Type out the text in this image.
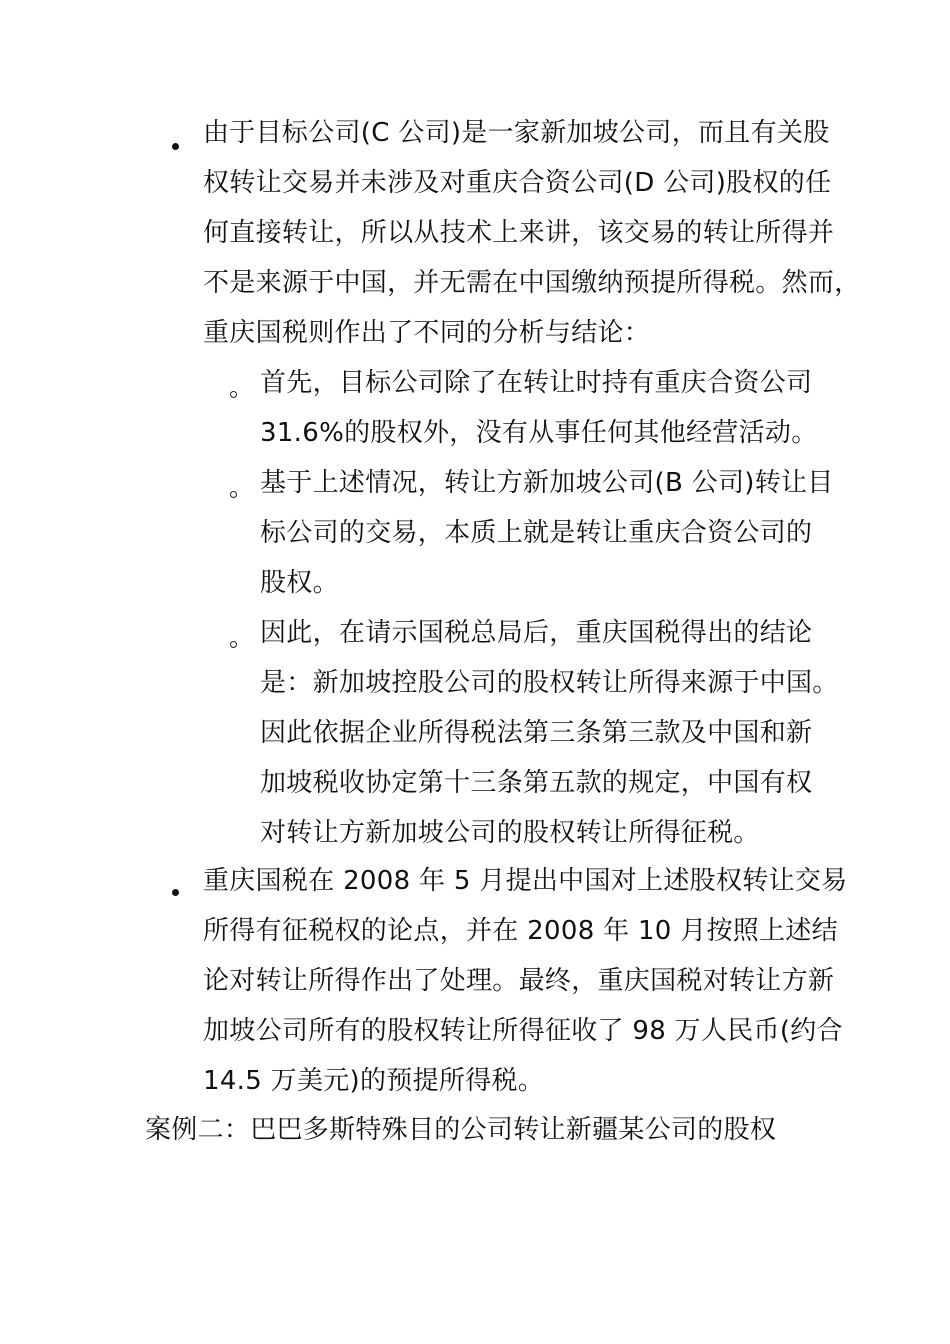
由于目标公司(C 公司)是一家新加坡公司，而且有关股
权转让交易并未涉及对重庆合资公司(D 公司)股权的任
何直接转让，所以从技术上来讲，该交易的转让所得并
不是来源于中国，并无需在中国缴纳预提所得税。然而，
重庆国税则作出了不同的分析与结论：
首先，目标公司除了在转让时持有重庆合资公司
31.6%的股权外，没有从事任何其他经营活动。
基于上述情况，转让方新加坡公司(B 公司)转让目
标公司的交易，本质上就是转让重庆合资公司的
股权。
因此，在请示国税总局后，重庆国税得出的结论
是：新加坡控股公司的股权转让所得来源于中国。
因此依据企业所得税法第三条第三款及中国和新
加坡税收协定第十三条第五款的规定，中国有权
对转让方新加坡公司的股权转让所得征税。
重庆国税在 2008 年 5 月提出中国对上述股权转让交易
所得有征税权的论点，并在 2008 年 10 月按照上述结
论对转让所得作出了处理。最终，重庆国税对转让方新
加坡公司所有的股权转让所得征收了 98 万人民币(约合
14.5 万美元)的预提所得税。
案例二：巴巴多斯特殊目的公司转让新疆某公司的股权
